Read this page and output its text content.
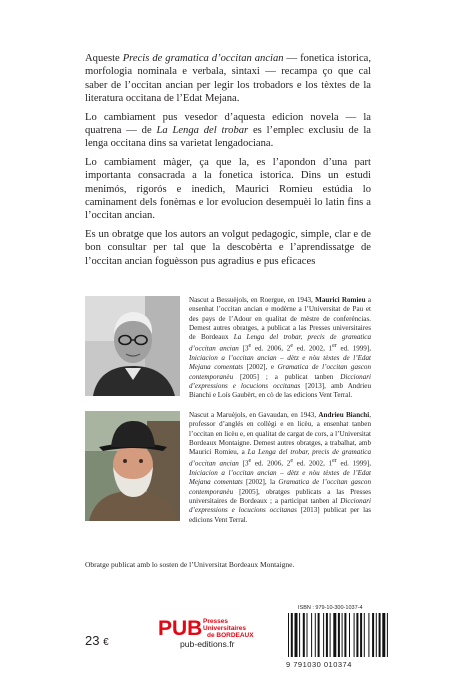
Aqueste Precis de gramatica d’occitan ancian — fonetica istorica, morfologia nominala e verbala, sintaxi — recampa ço que cal saber de l’occitan ancian per legir los trobadors e los tèxtes de la literatura occitana de l’Edat Mejana.

Lo cambiament pus vesedor d’aquesta edicion novela — la quatrena — de La Lenga del trobar es l’emplec exclusiu de la lenga occitana dins sa varietat lengadociana.

Lo cambiament màger, ça que la, es l’apondon d’una part importanta consacrada a la fonetica istorica. Dins un estudi menimós, rigorós e inedich, Maurici Romieu estúdia lo caminament dels fonèmas e lor evolucion desempuèi lo latin fins a l’occitan ancian.

Es un obratge que los autors an volgut pedagogic, simple, clar e de bon consultar per tal que la descobèrta e l’aprendissatge de l’occitan ancian foguèsson pus agradius e pus eficaces

Nascut a Bessuèjols, en Roergue, en 1943, Maurici Romieu a ensenhat l’occitan ancian e modèrne a l’Universitat de Pau et des pays de l’Adour en qualitat de mèstre de conferéncias. Demest autres obratges, a publicat a las Presses universitaires de Bordeaux La Lenga del trobar, precis de gramatica d’occitan ancian [3e ed. 2006, 2e ed. 2002, 1er ed. 1999], Iniciacion a l’occitan ancian – dètz e nòu tèxtes de l’Edat Mejana comentats [2002], e Gramatica de l’occitan gascon contemporanèu [2005] ; a publicat tanben Diccionari d’expressions e locucions occitanas [2013], amb Andrieu Bianchi e Loís Gaubèrt, en cò de las edicions Vent Terral.

Nascut a Maruèjols, en Gavaudan, en 1943, Andrieu Bianchi, professor d’anglés en collègi e en licèu, a ensenhat tanben l’occitan en licèu e, en qualitat de cargat de cors, a l’Universitat Bordeaux Montaigne. Demest autres obratges, a trabalhat, amb Maurici Romieu, a La Lenga del trobar, precis de gramatica d’occitan ancian [3e ed. 2006, 2e ed. 2002, 1er ed. 1999], Iniciacion a l’occitan ancian – dètz e nòu tèxtes de l’Edat Mejana comentats [2002], la Gramatica de l’occitan gascon contemporanèu [2005], obratges publicats a las Presses universitaires de Bordeaux ; a participat tanben al Diccionari d’expressions e locucions occitanas [2013] publicat per las edicions Vent Terral.

Obratge publicat amb lo sosten de l’Universitat Bordeaux Montaigne.
23 €
PUB Presses
Universitaires
de BORDEAUX
pub-editions.fr
ISBN : 979-10-300-1037-4
9 791030 010374
